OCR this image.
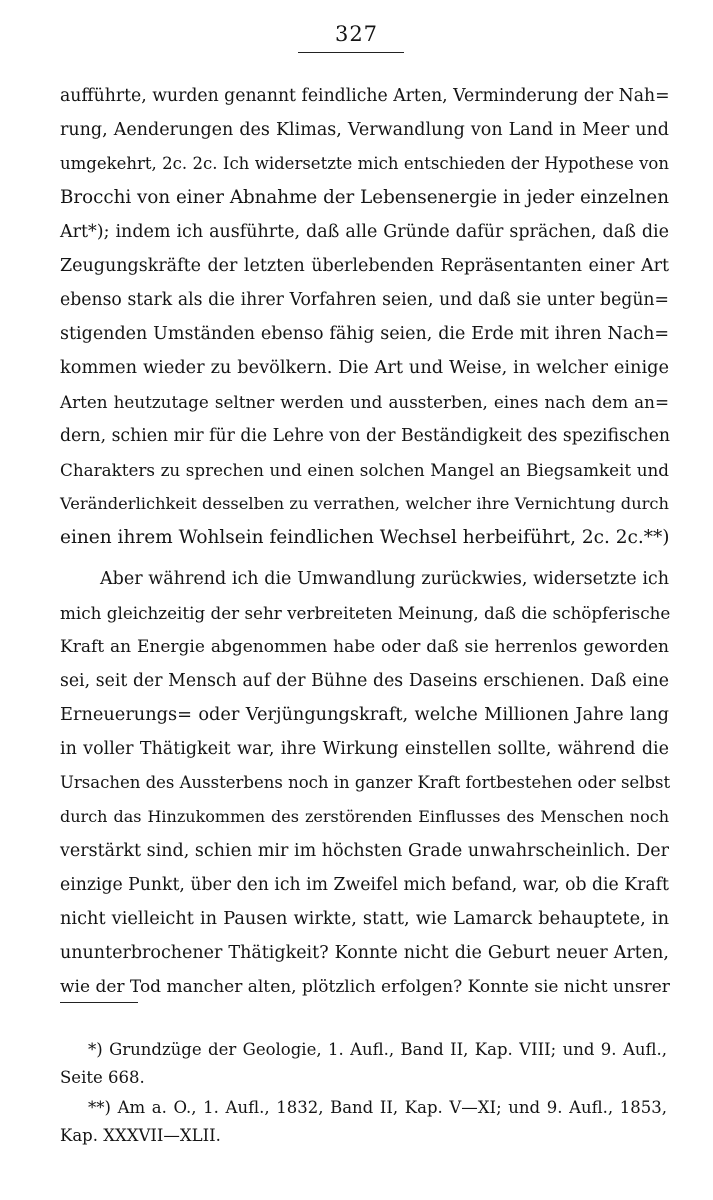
327
aufführte, wurden genannt feindliche Arten, Verminderung der Nah=
rung, Aenderungen des Klimas, Verwandlung von Land in Meer und
umgekehrt, 2c. 2c. Ich widersetzte mich entschieden der Hypothese von
Brocchi von einer Abnahme der Lebensenergie in jeder einzelnen
Art*); indem ich ausführte, daß alle Gründe dafür sprächen, daß die
Zeugungskräfte der letzten überlebenden Repräsentanten einer Art
ebenso stark als die ihrer Vorfahren seien, und daß sie unter begün=
stigenden Umständen ebenso fähig seien, die Erde mit ihren Nach=
kommen wieder zu bevölkern. Die Art und Weise, in welcher einige
Arten heutzutage seltner werden und aussterben, eines nach dem an=
dern, schien mir für die Lehre von der Beständigkeit des spezifischen
Charakters zu sprechen und einen solchen Mangel an Biegsamkeit und
Veränderlichkeit desselben zu verrathen, welcher ihre Vernichtung durch
einen ihrem Wohlsein feindlichen Wechsel herbeiführt, 2c. 2c.**)
Aber während ich die Umwandlung zurückwies, widersetzte ich
mich gleichzeitig der sehr verbreiteten Meinung, daß die schöpferische
Kraft an Energie abgenommen habe oder daß sie herrenlos geworden
sei, seit der Mensch auf der Bühne des Daseins erschienen. Daß eine
Erneuerungs= oder Verjüngungskraft, welche Millionen Jahre lang
in voller Thätigkeit war, ihre Wirkung einstellen sollte, während die
Ursachen des Aussterbens noch in ganzer Kraft fortbestehen oder selbst
durch das Hinzukommen des zerstörenden Einflusses des Menschen noch
verstärkt sind, schien mir im höchsten Grade unwahrscheinlich. Der
einzige Punkt, über den ich im Zweifel mich befand, war, ob die Kraft
nicht vielleicht in Pausen wirkte, statt, wie Lamarck behauptete, in
ununterbrochener Thätigkeit? Konnte nicht die Geburt neuer Arten,
wie der Tod mancher alten, plötzlich erfolgen? Konnte sie nicht unsrer
*) Grundzüge der Geologie, 1. Aufl., Band II, Kap. VIII; und 9. Aufl.,
Seite 668.
**) Am a. O., 1. Aufl., 1832, Band II, Kap. V—XI; und 9. Aufl., 1853,
Kap. XXXVII—XLII.
